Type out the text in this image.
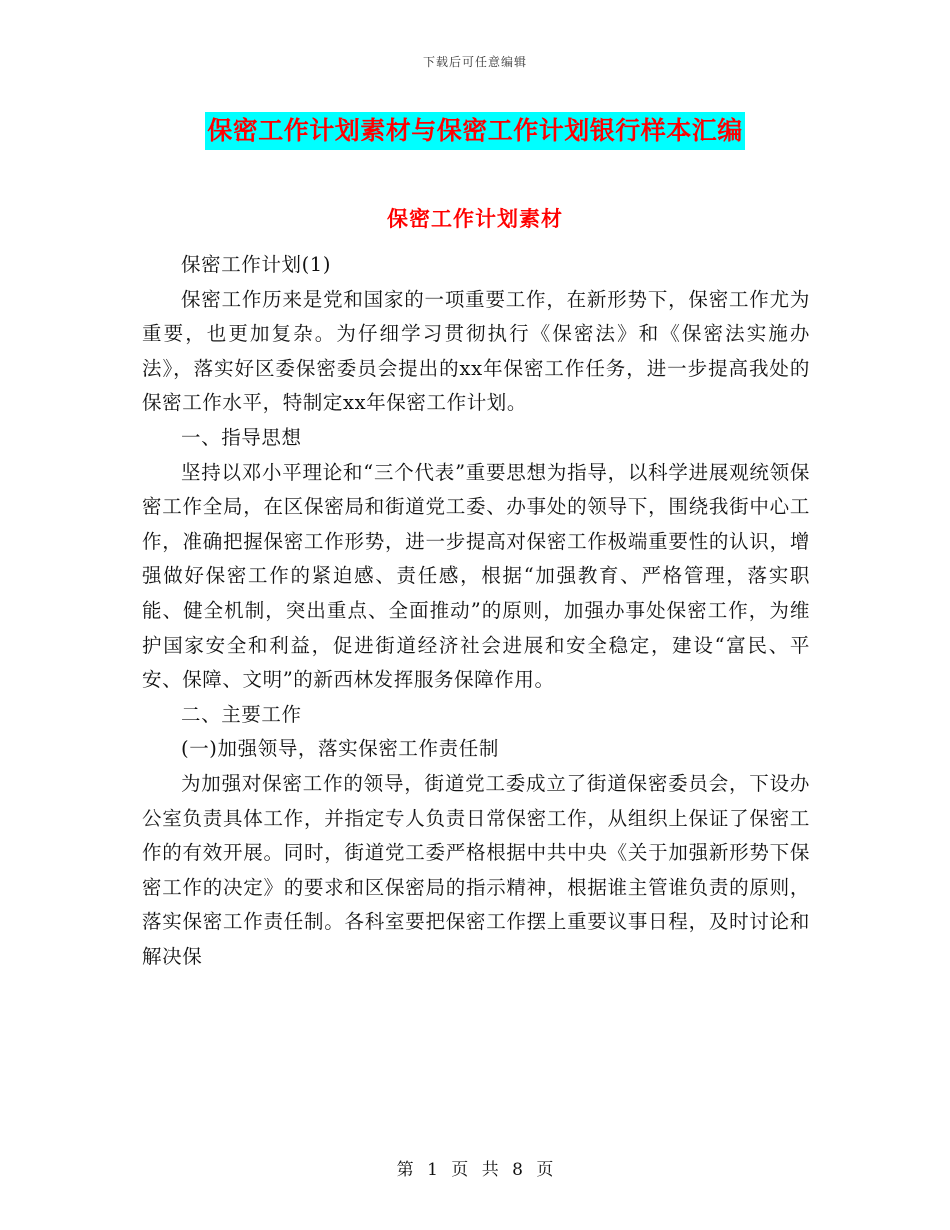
下载后可任意编辑
保密工作计划素材与保密工作计划银行样本汇编
保密工作计划素材

保密工作计划(1)

保密工作历来是党和国家的一项重要工作，在新形势下，保密工作尤为重要，也更加复杂。为仔细学习贯彻执行《保密法》和《保密法实施办法》，落实好区委保密委员会提出的xx年保密工作任务，进一步提高我处的保密工作水平，特制定xx年保密工作计划。

一、指导思想

坚持以邓小平理论和“三个代表”重要思想为指导，以科学进展观统领保密工作全局，在区保密局和街道党工委、办事处的领导下，围绕我街中心工作，准确把握保密工作形势，进一步提高对保密工作极端重要性的认识，增强做好保密工作的紧迫感、责任感，根据“加强教育、严格管理，落实职能、健全机制，突出重点、全面推动”的原则，加强办事处保密工作，为维护国家安全和利益，促进街道经济社会进展和安全稳定，建设“富民、平安、保障、文明”的新西林发挥服务保障作用。

二、主要工作

(一)加强领导，落实保密工作责任制

为加强对保密工作的领导，街道党工委成立了街道保密委员会，下设办公室负责具体工作，并指定专人负责日常保密工作，从组织上保证了保密工作的有效开展。同时，街道党工委严格根据中共中央《关于加强新形势下保密工作的决定》的要求和区保密局的指示精神，根据谁主管谁负责的原则，落实保密工作责任制。各科室要把保密工作摆上重要议事日程，及时讨论和解决保

第 1 页 共 8 页
